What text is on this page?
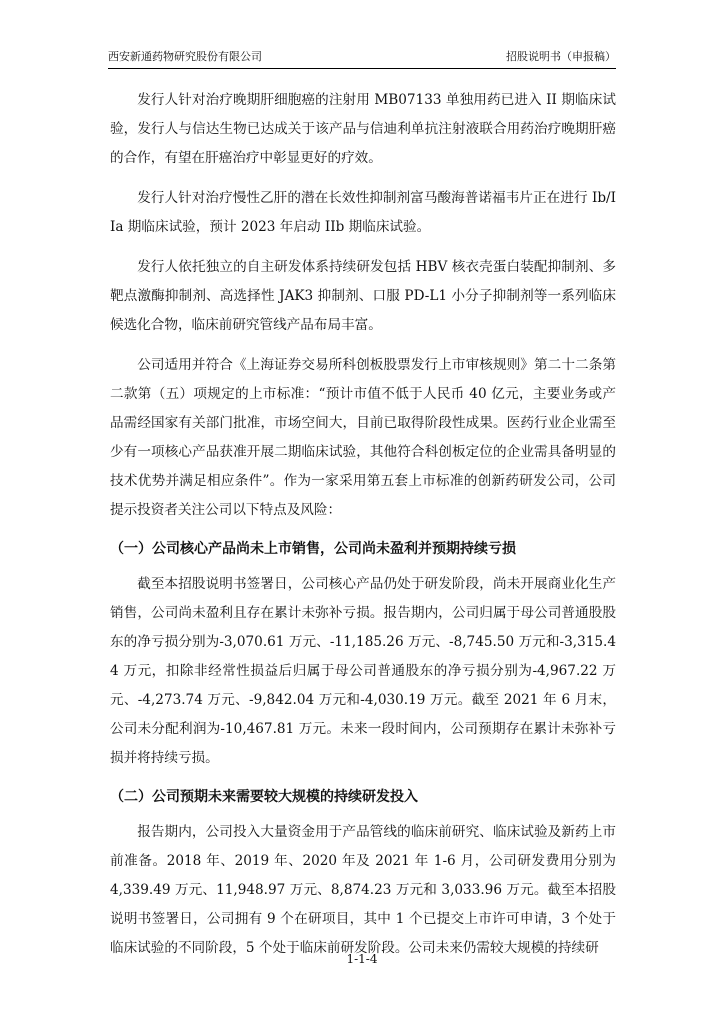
西安新通药物研究股份有限公司	招股说明书（申报稿）

发行人针对治疗晚期肝细胞癌的注射用 MB07133 单独用药已进入 II 期临床试验，发行人与信达生物已达成关于该产品与信迪利单抗注射液联合用药治疗晚期肝癌的合作，有望在肝癌治疗中彰显更好的疗效。

发行人针对治疗慢性乙肝的潜在长效性抑制剂富马酸海普诺福韦片正在进行 Ib/IIa 期临床试验，预计 2023 年启动 IIb 期临床试验。

发行人依托独立的自主研发体系持续研发包括 HBV 核衣壳蛋白装配抑制剂、多靶点激酶抑制剂、高选择性 JAK3 抑制剂、口服 PD-L1 小分子抑制剂等一系列临床候选化合物，临床前研究管线产品布局丰富。

公司适用并符合《上海证券交易所科创板股票发行上市审核规则》第二十二条第二款第（五）项规定的上市标准：“预计市值不低于人民币 40 亿元，主要业务或产品需经国家有关部门批准，市场空间大，目前已取得阶段性成果。医药行业企业需至少有一项核心产品获准开展二期临床试验，其他符合科创板定位的企业需具备明显的技术优势并满足相应条件”。作为一家采用第五套上市标准的创新药研发公司，公司提示投资者关注公司以下特点及风险：

（一）公司核心产品尚未上市销售，公司尚未盈利并预期持续亏损

截至本招股说明书签署日，公司核心产品仍处于研发阶段，尚未开展商业化生产销售，公司尚未盈利且存在累计未弥补亏损。报告期内，公司归属于母公司普通股股东的净亏损分别为-3,070.61 万元、-11,185.26 万元、-8,745.50 万元和-3,315.44 万元，扣除非经常性损益后归属于母公司普通股东的净亏损分别为-4,967.22 万元、-4,273.74 万元、-9,842.04 万元和-4,030.19 万元。截至 2021 年 6 月末，公司未分配利润为-10,467.81 万元。未来一段时间内，公司预期存在累计未弥补亏损并将持续亏损。

（二）公司预期未来需要较大规模的持续研发投入

报告期内，公司投入大量资金用于产品管线的临床前研究、临床试验及新药上市前准备。2018 年、2019 年、2020 年及 2021 年 1-6 月，公司研发费用分别为 4,339.49 万元、11,948.97 万元、8,874.23 万元和 3,033.96 万元。截至本招股说明书签署日，公司拥有 9 个在研项目，其中 1 个已提交上市许可申请，3 个处于临床试验的不同阶段，5 个处于临床前研发阶段。公司未来仍需较大规模的持续研

1-1-4
